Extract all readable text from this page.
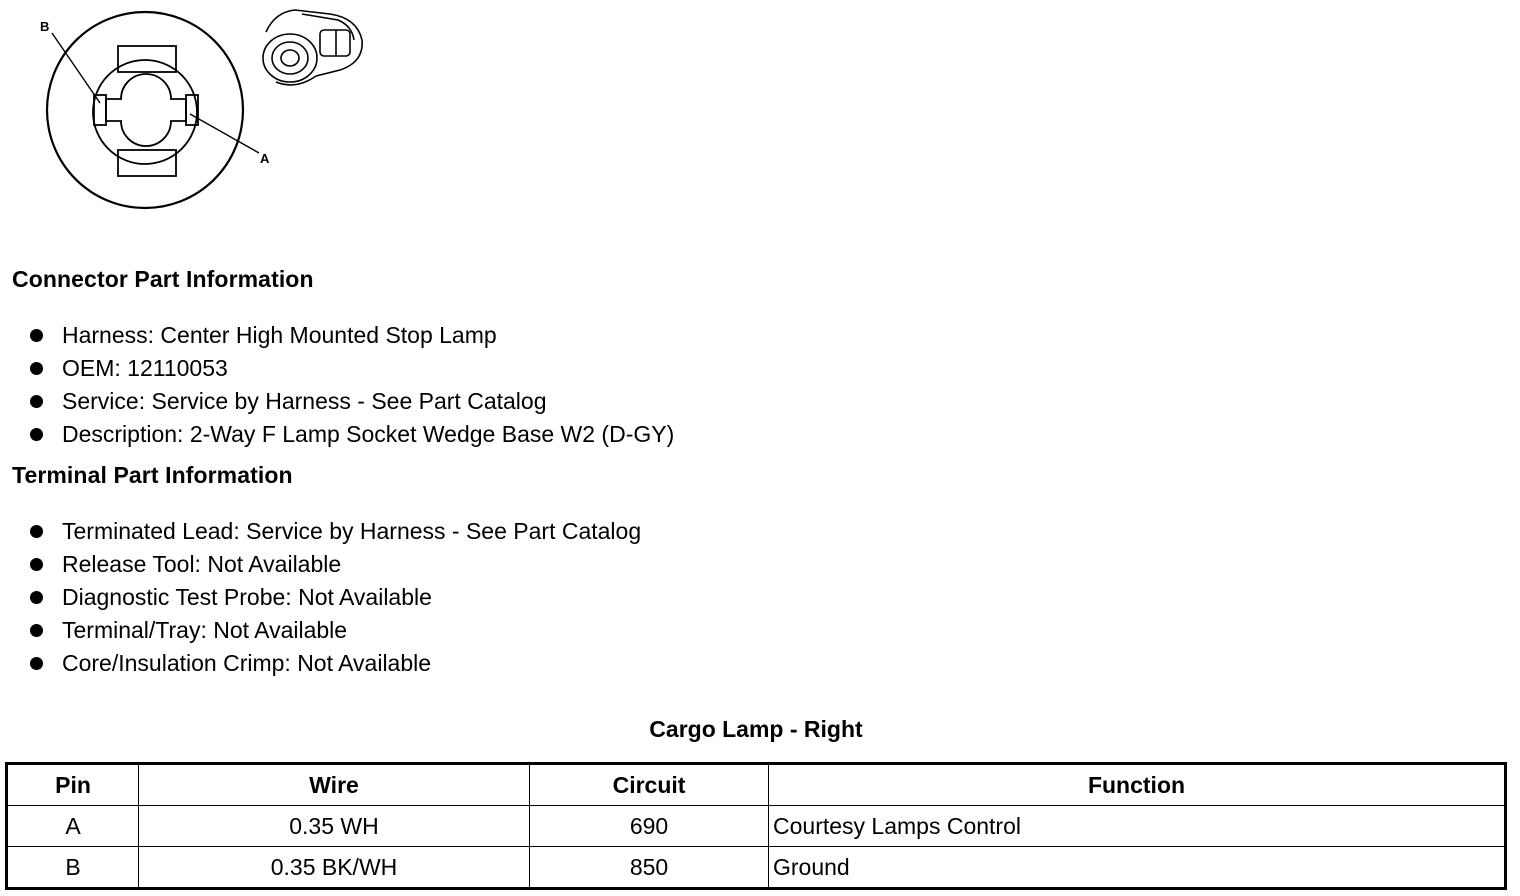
B
A
Connector Part Information
Harness: Center High Mounted Stop Lamp
OEM: 12110053
Service: Service by Harness - See Part Catalog
Description: 2-Way F Lamp Socket Wedge Base W2 (D-GY)
Terminal Part Information
Terminated Lead: Service by Harness - See Part Catalog
Release Tool: Not Available
Diagnostic Test Probe: Not Available
Terminal/Tray: Not Available
Core/Insulation Crimp: Not Available
Cargo Lamp - Right
Pin	Wire	Circuit	Function
A	0.35 WH	690	Courtesy Lamps Control
B	0.35 BK/WH	850	Ground
